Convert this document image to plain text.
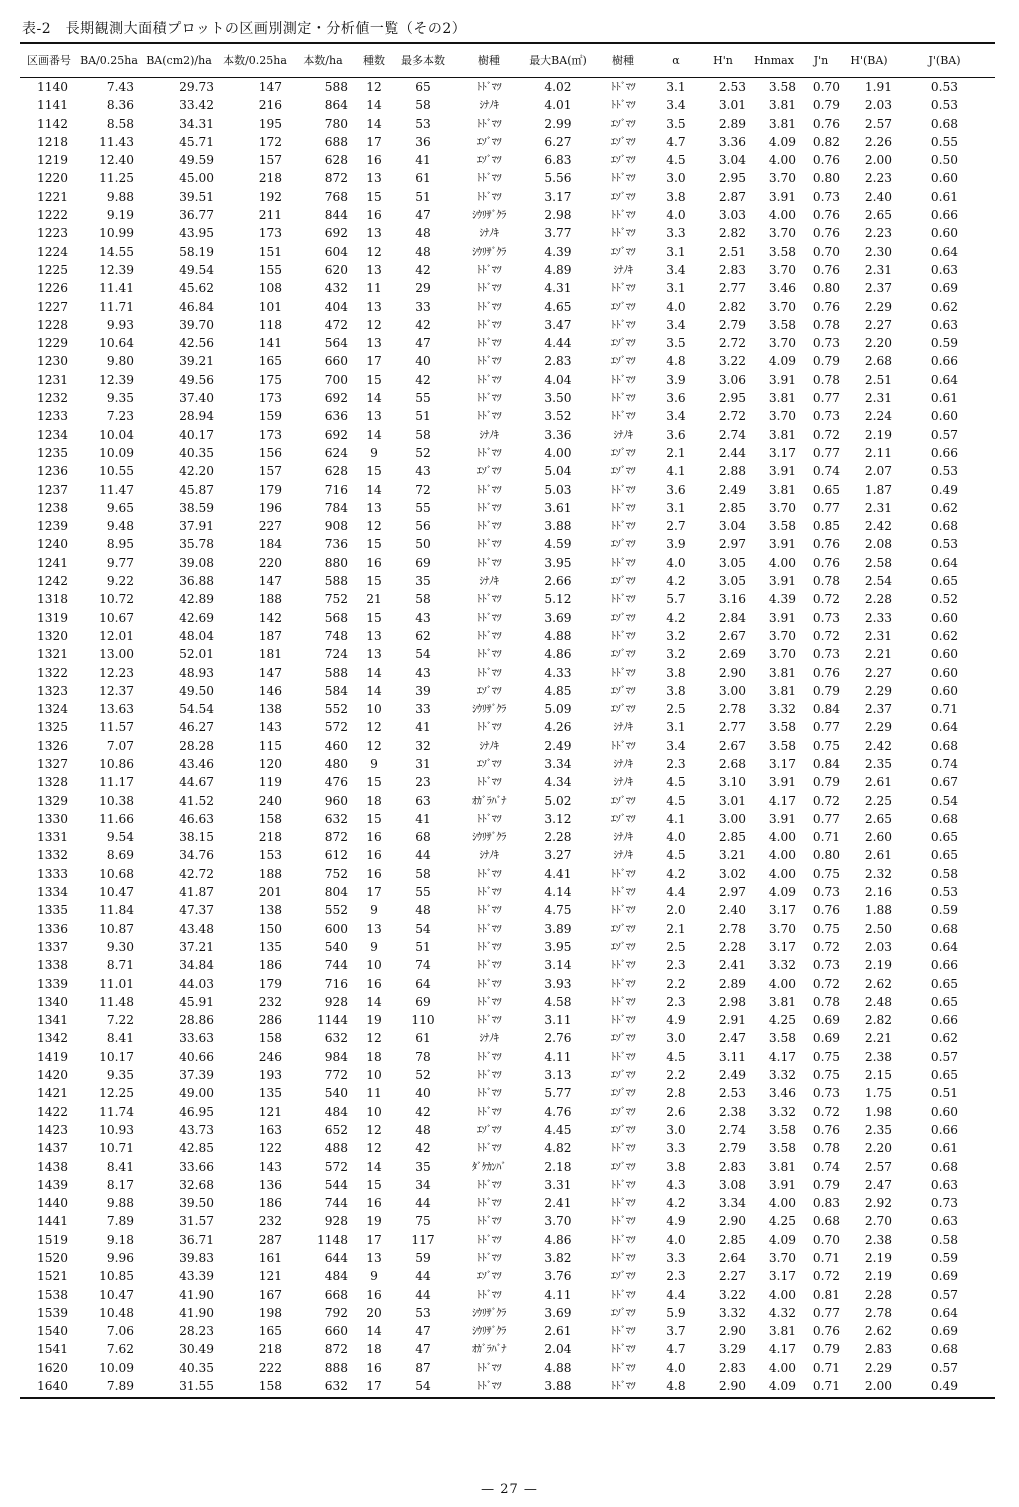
表-2　長期観測大面積プロットの区画別測定・分析値一覧（その2）
区画番号	BA/0.25ha	BA(cm2)/ha	本数/0.25ha	本数/ha	種数	最多本数	樹種	最大BA(㎡)	樹種	α	H'n	Hnmax	J'n	H'(BA)	J'(BA)
1140	7.43	29.73	147	588	12	65	ﾄﾄﾞﾏﾂ	4.02	ﾄﾄﾞﾏﾂ	3.1	2.53	3.58	0.70	1.91	0.53
1141	8.36	33.42	216	864	14	58	ｼﾅﾉｷ	4.01	ﾄﾄﾞﾏﾂ	3.4	3.01	3.81	0.79	2.03	0.53
1142	8.58	34.31	195	780	14	53	ﾄﾄﾞﾏﾂ	2.99	ｴｿﾞﾏﾂ	3.5	2.89	3.81	0.76	2.57	0.68
1218	11.43	45.71	172	688	17	36	ｴｿﾞﾏﾂ	6.27	ｴｿﾞﾏﾂ	4.7	3.36	4.09	0.82	2.26	0.55
1219	12.40	49.59	157	628	16	41	ｴｿﾞﾏﾂ	6.83	ｴｿﾞﾏﾂ	4.5	3.04	4.00	0.76	2.00	0.50
1220	11.25	45.00	218	872	13	61	ﾄﾄﾞﾏﾂ	5.56	ﾄﾄﾞﾏﾂ	3.0	2.95	3.70	0.80	2.23	0.60
1221	9.88	39.51	192	768	15	51	ﾄﾄﾞﾏﾂ	3.17	ｴｿﾞﾏﾂ	3.8	2.87	3.91	0.73	2.40	0.61
1222	9.19	36.77	211	844	16	47	ｼｳﾘｻﾞｸﾗ	2.98	ﾄﾄﾞﾏﾂ	4.0	3.03	4.00	0.76	2.65	0.66
1223	10.99	43.95	173	692	13	48	ｼﾅﾉｷ	3.77	ﾄﾄﾞﾏﾂ	3.3	2.82	3.70	0.76	2.23	0.60
1224	14.55	58.19	151	604	12	48	ｼｳﾘｻﾞｸﾗ	4.39	ｴｿﾞﾏﾂ	3.1	2.51	3.58	0.70	2.30	0.64
1225	12.39	49.54	155	620	13	42	ﾄﾄﾞﾏﾂ	4.89	ｼﾅﾉｷ	3.4	2.83	3.70	0.76	2.31	0.63
1226	11.41	45.62	108	432	11	29	ﾄﾄﾞﾏﾂ	4.31	ﾄﾄﾞﾏﾂ	3.1	2.77	3.46	0.80	2.37	0.69
1227	11.71	46.84	101	404	13	33	ﾄﾄﾞﾏﾂ	4.65	ｴｿﾞﾏﾂ	4.0	2.82	3.70	0.76	2.29	0.62
1228	9.93	39.70	118	472	12	42	ﾄﾄﾞﾏﾂ	3.47	ﾄﾄﾞﾏﾂ	3.4	2.79	3.58	0.78	2.27	0.63
1229	10.64	42.56	141	564	13	47	ﾄﾄﾞﾏﾂ	4.44	ｴｿﾞﾏﾂ	3.5	2.72	3.70	0.73	2.20	0.59
1230	9.80	39.21	165	660	17	40	ﾄﾄﾞﾏﾂ	2.83	ｴｿﾞﾏﾂ	4.8	3.22	4.09	0.79	2.68	0.66
1231	12.39	49.56	175	700	15	42	ﾄﾄﾞﾏﾂ	4.04	ﾄﾄﾞﾏﾂ	3.9	3.06	3.91	0.78	2.51	0.64
1232	9.35	37.40	173	692	14	55	ﾄﾄﾞﾏﾂ	3.50	ﾄﾄﾞﾏﾂ	3.6	2.95	3.81	0.77	2.31	0.61
1233	7.23	28.94	159	636	13	51	ﾄﾄﾞﾏﾂ	3.52	ﾄﾄﾞﾏﾂ	3.4	2.72	3.70	0.73	2.24	0.60
1234	10.04	40.17	173	692	14	58	ｼﾅﾉｷ	3.36	ｼﾅﾉｷ	3.6	2.74	3.81	0.72	2.19	0.57
1235	10.09	40.35	156	624	9	52	ﾄﾄﾞﾏﾂ	4.00	ｴｿﾞﾏﾂ	2.1	2.44	3.17	0.77	2.11	0.66
1236	10.55	42.20	157	628	15	43	ｴｿﾞﾏﾂ	5.04	ｴｿﾞﾏﾂ	4.1	2.88	3.91	0.74	2.07	0.53
1237	11.47	45.87	179	716	14	72	ﾄﾄﾞﾏﾂ	5.03	ﾄﾄﾞﾏﾂ	3.6	2.49	3.81	0.65	1.87	0.49
1238	9.65	38.59	196	784	13	55	ﾄﾄﾞﾏﾂ	3.61	ﾄﾄﾞﾏﾂ	3.1	2.85	3.70	0.77	2.31	0.62
1239	9.48	37.91	227	908	12	56	ﾄﾄﾞﾏﾂ	3.88	ﾄﾄﾞﾏﾂ	2.7	3.04	3.58	0.85	2.42	0.68
1240	8.95	35.78	184	736	15	50	ﾄﾄﾞﾏﾂ	4.59	ｴｿﾞﾏﾂ	3.9	2.97	3.91	0.76	2.08	0.53
1241	9.77	39.08	220	880	16	69	ﾄﾄﾞﾏﾂ	3.95	ﾄﾄﾞﾏﾂ	4.0	3.05	4.00	0.76	2.58	0.64
1242	9.22	36.88	147	588	15	35	ｼﾅﾉｷ	2.66	ｴｿﾞﾏﾂ	4.2	3.05	3.91	0.78	2.54	0.65
1318	10.72	42.89	188	752	21	58	ﾄﾄﾞﾏﾂ	5.12	ﾄﾄﾞﾏﾂ	5.7	3.16	4.39	0.72	2.28	0.52
1319	10.67	42.69	142	568	15	43	ﾄﾄﾞﾏﾂ	3.69	ｴｿﾞﾏﾂ	4.2	2.84	3.91	0.73	2.33	0.60
1320	12.01	48.04	187	748	13	62	ﾄﾄﾞﾏﾂ	4.88	ﾄﾄﾞﾏﾂ	3.2	2.67	3.70	0.72	2.31	0.62
1321	13.00	52.01	181	724	13	54	ﾄﾄﾞﾏﾂ	4.86	ｴｿﾞﾏﾂ	3.2	2.69	3.70	0.73	2.21	0.60
1322	12.23	48.93	147	588	14	43	ﾄﾄﾞﾏﾂ	4.33	ﾄﾄﾞﾏﾂ	3.8	2.90	3.81	0.76	2.27	0.60
1323	12.37	49.50	146	584	14	39	ｴｿﾞﾏﾂ	4.85	ｴｿﾞﾏﾂ	3.8	3.00	3.81	0.79	2.29	0.60
1324	13.63	54.54	138	552	10	33	ｼｳﾘｻﾞｸﾗ	5.09	ｴｿﾞﾏﾂ	2.5	2.78	3.32	0.84	2.37	0.71
1325	11.57	46.27	143	572	12	41	ﾄﾄﾞﾏﾂ	4.26	ｼﾅﾉｷ	3.1	2.77	3.58	0.77	2.29	0.64
1326	7.07	28.28	115	460	12	32	ｼﾅﾉｷ	2.49	ﾄﾄﾞﾏﾂ	3.4	2.67	3.58	0.75	2.42	0.68
1327	10.86	43.46	120	480	9	31	ｴｿﾞﾏﾂ	3.34	ｼﾅﾉｷ	2.3	2.68	3.17	0.84	2.35	0.74
1328	11.17	44.67	119	476	15	23	ﾄﾄﾞﾏﾂ	4.34	ｼﾅﾉｷ	4.5	3.10	3.91	0.79	2.61	0.67
1329	10.38	41.52	240	960	18	63	ｵｶﾞﾗﾊﾞﾅ	5.02	ｴｿﾞﾏﾂ	4.5	3.01	4.17	0.72	2.25	0.54
1330	11.66	46.63	158	632	15	41	ﾄﾄﾞﾏﾂ	3.12	ｴｿﾞﾏﾂ	4.1	3.00	3.91	0.77	2.65	0.68
1331	9.54	38.15	218	872	16	68	ｼｳﾘｻﾞｸﾗ	2.28	ｼﾅﾉｷ	4.0	2.85	4.00	0.71	2.60	0.65
1332	8.69	34.76	153	612	16	44	ｼﾅﾉｷ	3.27	ｼﾅﾉｷ	4.5	3.21	4.00	0.80	2.61	0.65
1333	10.68	42.72	188	752	16	58	ﾄﾄﾞﾏﾂ	4.41	ﾄﾄﾞﾏﾂ	4.2	3.02	4.00	0.75	2.32	0.58
1334	10.47	41.87	201	804	17	55	ﾄﾄﾞﾏﾂ	4.14	ﾄﾄﾞﾏﾂ	4.4	2.97	4.09	0.73	2.16	0.53
1335	11.84	47.37	138	552	9	48	ﾄﾄﾞﾏﾂ	4.75	ﾄﾄﾞﾏﾂ	2.0	2.40	3.17	0.76	1.88	0.59
1336	10.87	43.48	150	600	13	54	ﾄﾄﾞﾏﾂ	3.89	ｴｿﾞﾏﾂ	2.1	2.78	3.70	0.75	2.50	0.68
1337	9.30	37.21	135	540	9	51	ﾄﾄﾞﾏﾂ	3.95	ｴｿﾞﾏﾂ	2.5	2.28	3.17	0.72	2.03	0.64
1338	8.71	34.84	186	744	10	74	ﾄﾄﾞﾏﾂ	3.14	ﾄﾄﾞﾏﾂ	2.3	2.41	3.32	0.73	2.19	0.66
1339	11.01	44.03	179	716	16	64	ﾄﾄﾞﾏﾂ	3.93	ﾄﾄﾞﾏﾂ	2.2	2.89	4.00	0.72	2.62	0.65
1340	11.48	45.91	232	928	14	69	ﾄﾄﾞﾏﾂ	4.58	ﾄﾄﾞﾏﾂ	2.3	2.98	3.81	0.78	2.48	0.65
1341	7.22	28.86	286	1144	19	110	ﾄﾄﾞﾏﾂ	3.11	ﾄﾄﾞﾏﾂ	4.9	2.91	4.25	0.69	2.82	0.66
1342	8.41	33.63	158	632	12	61	ｼﾅﾉｷ	2.76	ｴｿﾞﾏﾂ	3.0	2.47	3.58	0.69	2.21	0.62
1419	10.17	40.66	246	984	18	78	ﾄﾄﾞﾏﾂ	4.11	ﾄﾄﾞﾏﾂ	4.5	3.11	4.17	0.75	2.38	0.57
1420	9.35	37.39	193	772	10	52	ﾄﾄﾞﾏﾂ	3.13	ｴｿﾞﾏﾂ	2.2	2.49	3.32	0.75	2.15	0.65
1421	12.25	49.00	135	540	11	40	ﾄﾄﾞﾏﾂ	5.77	ｴｿﾞﾏﾂ	2.8	2.53	3.46	0.73	1.75	0.51
1422	11.74	46.95	121	484	10	42	ﾄﾄﾞﾏﾂ	4.76	ｴｿﾞﾏﾂ	2.6	2.38	3.32	0.72	1.98	0.60
1423	10.93	43.73	163	652	12	48	ｴｿﾞﾏﾂ	4.45	ｴｿﾞﾏﾂ	3.0	2.74	3.58	0.76	2.35	0.66
1437	10.71	42.85	122	488	12	42	ﾄﾄﾞﾏﾂ	4.82	ﾄﾄﾞﾏﾂ	3.3	2.79	3.58	0.78	2.20	0.61
1438	8.41	33.66	143	572	14	35	ﾀﾞｹｶﾝﾊﾞ	2.18	ｴｿﾞﾏﾂ	3.8	2.83	3.81	0.74	2.57	0.68
1439	8.17	32.68	136	544	15	34	ﾄﾄﾞﾏﾂ	3.31	ﾄﾄﾞﾏﾂ	4.3	3.08	3.91	0.79	2.47	0.63
1440	9.88	39.50	186	744	16	44	ﾄﾄﾞﾏﾂ	2.41	ﾄﾄﾞﾏﾂ	4.2	3.34	4.00	0.83	2.92	0.73
1441	7.89	31.57	232	928	19	75	ﾄﾄﾞﾏﾂ	3.70	ﾄﾄﾞﾏﾂ	4.9	2.90	4.25	0.68	2.70	0.63
1519	9.18	36.71	287	1148	17	117	ﾄﾄﾞﾏﾂ	4.86	ﾄﾄﾞﾏﾂ	4.0	2.85	4.09	0.70	2.38	0.58
1520	9.96	39.83	161	644	13	59	ﾄﾄﾞﾏﾂ	3.82	ﾄﾄﾞﾏﾂ	3.3	2.64	3.70	0.71	2.19	0.59
1521	10.85	43.39	121	484	9	44	ｴｿﾞﾏﾂ	3.76	ｴｿﾞﾏﾂ	2.3	2.27	3.17	0.72	2.19	0.69
1538	10.47	41.90	167	668	16	44	ﾄﾄﾞﾏﾂ	4.11	ﾄﾄﾞﾏﾂ	4.4	3.22	4.00	0.81	2.28	0.57
1539	10.48	41.90	198	792	20	53	ｼｳﾘｻﾞｸﾗ	3.69	ｴｿﾞﾏﾂ	5.9	3.32	4.32	0.77	2.78	0.64
1540	7.06	28.23	165	660	14	47	ｼｳﾘｻﾞｸﾗ	2.61	ﾄﾄﾞﾏﾂ	3.7	2.90	3.81	0.76	2.62	0.69
1541	7.62	30.49	218	872	18	47	ｵｶﾞﾗﾊﾞﾅ	2.04	ﾄﾄﾞﾏﾂ	4.7	3.29	4.17	0.79	2.83	0.68
1620	10.09	40.35	222	888	16	87	ﾄﾄﾞﾏﾂ	4.88	ﾄﾄﾞﾏﾂ	4.0	2.83	4.00	0.71	2.29	0.57
1640	7.89	31.55	158	632	17	54	ﾄﾄﾞﾏﾂ	3.88	ﾄﾄﾞﾏﾂ	4.8	2.90	4.09	0.71	2.00	0.49
— 27 —
